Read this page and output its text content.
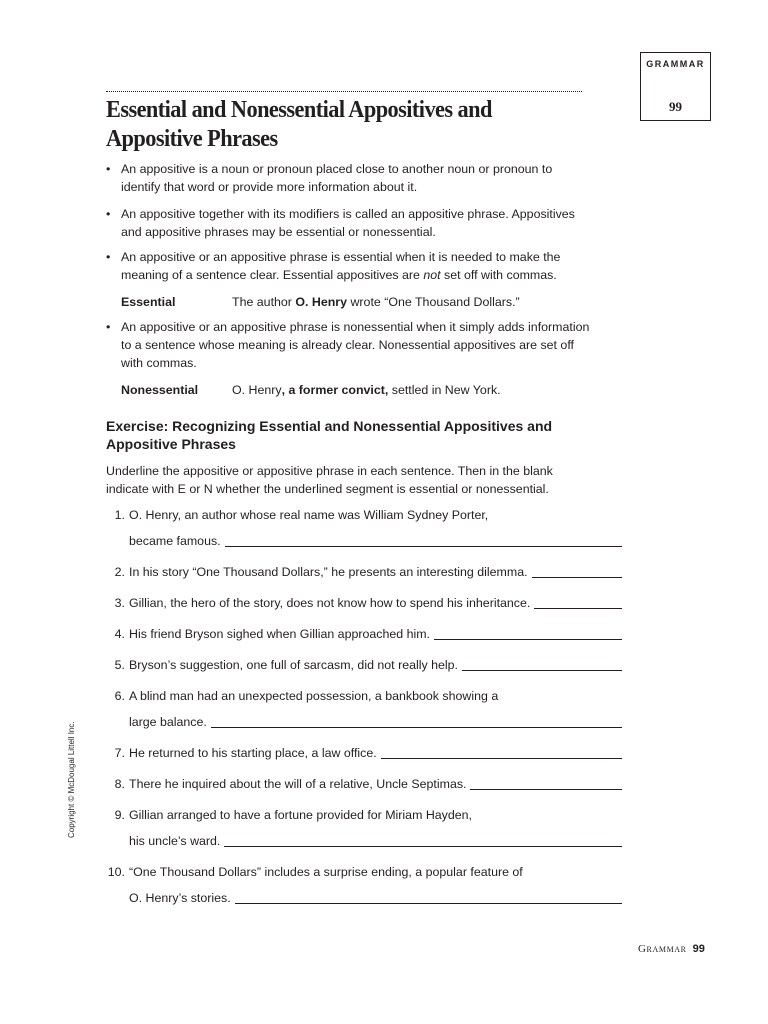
GRAMMAR
99
Essential and Nonessential Appositives and Appositive Phrases
• An appositive is a noun or pronoun placed close to another noun or pronoun to identify that word or provide more information about it.
• An appositive together with its modifiers is called an appositive phrase. Appositives and appositive phrases may be essential or nonessential.
• An appositive or an appositive phrase is essential when it is needed to make the meaning of a sentence clear. Essential appositives are not set off with commas.
Essential	The author O. Henry wrote “One Thousand Dollars.”
• An appositive or an appositive phrase is nonessential when it simply adds information to a sentence whose meaning is already clear. Nonessential appositives are set off with commas.
Nonessential	O. Henry, a former convict, settled in New York.
Exercise: Recognizing Essential and Nonessential Appositives and Appositive Phrases
Underline the appositive or appositive phrase in each sentence. Then in the blank indicate with E or N whether the underlined segment is essential or nonessential.
1. O. Henry, an author whose real name was William Sydney Porter,
became famous.
2. In his story “One Thousand Dollars,” he presents an interesting dilemma.
3. Gillian, the hero of the story, does not know how to spend his inheritance.
4. His friend Bryson sighed when Gillian approached him.
5. Bryson’s suggestion, one full of sarcasm, did not really help.
6. A blind man had an unexpected possession, a bankbook showing a
large balance.
7. He returned to his starting place, a law office.
8. There he inquired about the will of a relative, Uncle Septimas.
9. Gillian arranged to have a fortune provided for Miriam Hayden,
his uncle’s ward.
10. “One Thousand Dollars” includes a surprise ending, a popular feature of
O. Henry’s stories.
Copyright © McDougal Littell Inc.
Grammar 99
